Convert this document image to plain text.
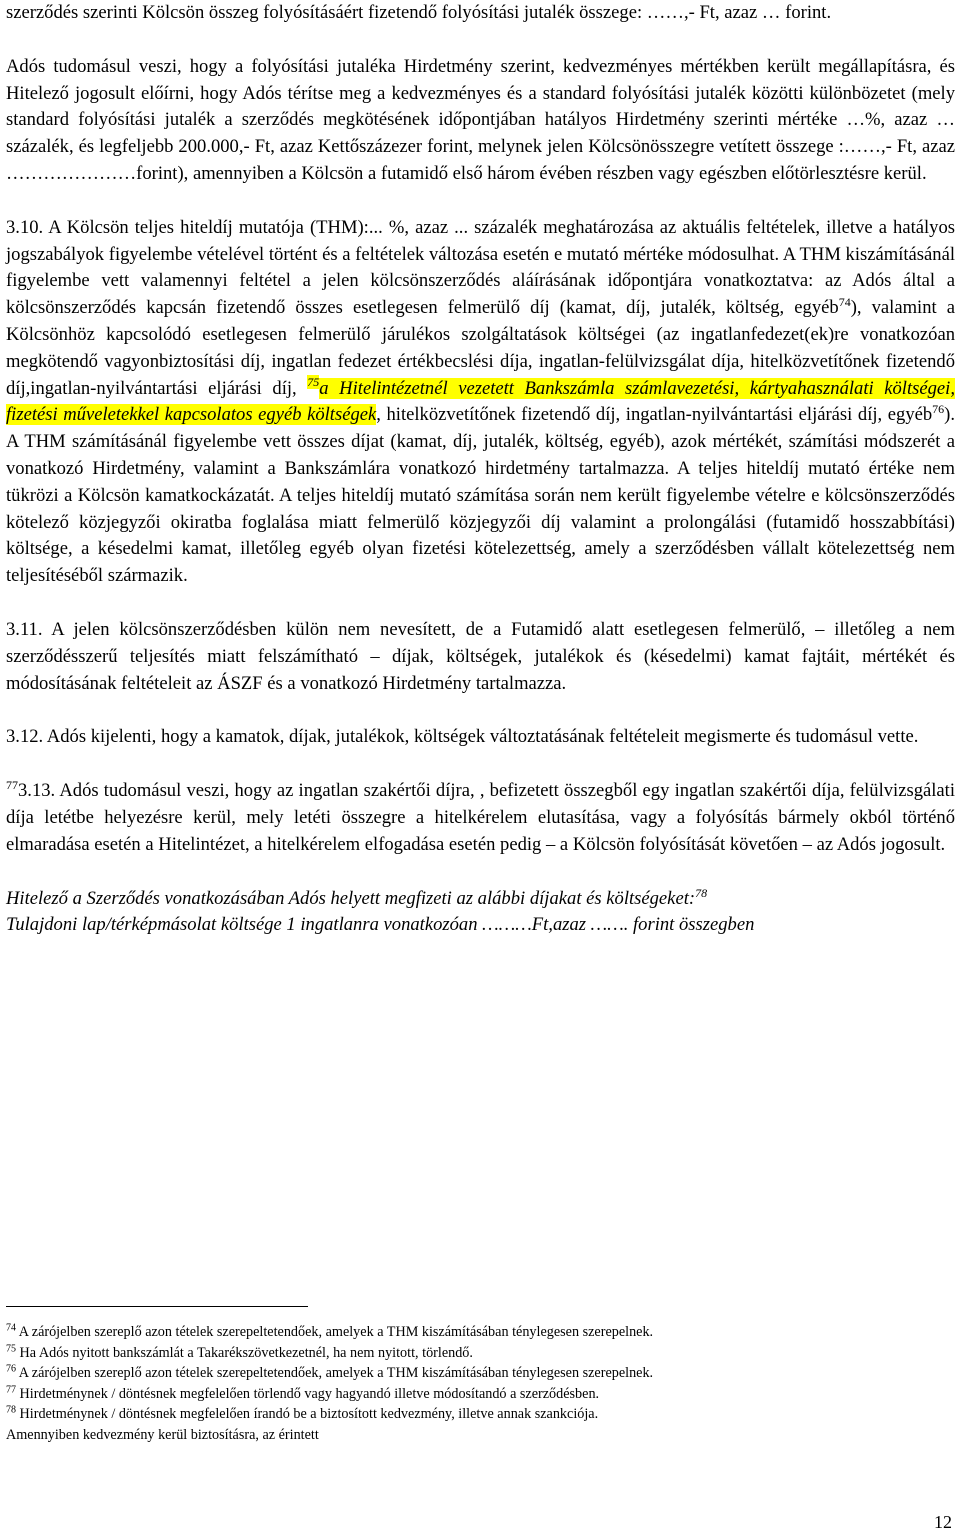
szerződés szerinti Kölcsön összeg folyósításáért fizetendő folyósítási jutalék összege: ……,- Ft, azaz … forint.

Adós tudomásul veszi, hogy a folyósítási jutaléka Hirdetmény szerint, kedvezményes mértékben került megállapításra, és Hitelező jogosult előírni, hogy Adós térítse meg a kedvezményes és a standard folyósítási jutalék közötti különbözetet (mely standard folyósítási jutalék a szerződés megkötésének időpontjában hatályos Hirdetmény szerinti mértéke …%, azaz … százalék, és legfeljebb 200.000,- Ft, azaz Kettőszázezer forint, melynek jelen Kölcsönösszegre vetített összege :……,- Ft, azaz …………………forint), amennyiben a Kölcsön a futamidő első három évében részben vagy egészben előtörlesztésre kerül.

3.10. A Kölcsön teljes hiteldíj mutatója (THM):... %, azaz ... százalék meghatározása az aktuális feltételek, illetve a hatályos jogszabályok figyelembe vételével történt és a feltételek változása esetén e mutató mértéke módosulhat. A THM kiszámításánál figyelembe vett valamennyi feltétel a jelen kölcsönszerződés aláírásának időpontjára vonatkoztatva: az Adós által a kölcsönszerződés kapcsán fizetendő összes esetlegesen felmerülő díj (kamat, díj, jutalék, költség, egyéb$^{74}$), valamint a Kölcsönhöz kapcsolódó esetlegesen felmerülő járulékos szolgáltatások költségei (az ingatlanfedezet(ek)re vonatkozóan megkötendő vagyonbiztosítási díj, ingatlan fedezet értékbecslési díja, ingatlan-felülvizsgálat díja, hitelközvetítőnek fizetendő díj,ingatlan-nyilvántartási eljárási díj, $^{75}$a Hitelintézetnél vezetett Bankszámla számlavezetési, kártyahasználati költségei, fizetési műveletekkel kapcsolatos egyéb költségek, hitelközvetítőnek fizetendő díj, ingatlan-nyilvántartási eljárási díj, egyéb$^{76}$). A THM számításánál figyelembe vett összes díjat (kamat, díj, jutalék, költség, egyéb), azok mértékét, számítási módszerét a vonatkozó Hirdetmény, valamint a Bankszámlára vonatkozó hirdetmény tartalmazza. A teljes hiteldíj mutató értéke nem tükrözi a Kölcsön kamatkockázatát. A teljes hiteldíj mutató számítása során nem került figyelembe vételre e kölcsönszerződés kötelező közjegyzői okiratba foglalása miatt felmerülő közjegyzői díj valamint a prolongálási (futamidő hosszabbítási) költsége, a késedelmi kamat, illetőleg egyéb olyan fizetési kötelezettség, amely a szerződésben vállalt kötelezettség nem teljesítéséből származik.

3.11. A jelen kölcsönszerződésben külön nem nevesített, de a Futamidő alatt esetlegesen felmerülő, – illetőleg a nem szerződésszerű teljesítés miatt felszámítható – díjak, költségek, jutalékok és (késedelmi) kamat fajtáit, mértékét és módosításának feltételeit az ÁSZF és a vonatkozó Hirdetmény tartalmazza.

3.12. Adós kijelenti, hogy a kamatok, díjak, jutalékok, költségek változtatásának feltételeit megismerte és tudomásul vette.

$^{77}$3.13. Adós tudomásul veszi, hogy az ingatlan szakértői díjra, , befizetett összegből egy ingatlan szakértői díja, felülvizsgálati díja letétbe helyezésre kerül, mely letéti összegre a hitelkérelem elutasítása, vagy a folyósítás bármely okból történő elmaradása esetén a Hitelintézet, a hitelkérelem elfogadása esetén pedig – a Kölcsön folyósítását követően – az Adós jogosult.

Hitelező a Szerződés vonatkozásában Adós helyett megfizeti az alábbi díjakat és költségeket:$^{78}$

Tulajdoni lap/térképmásolat költsége 1 ingatlanra vonatkozóan ………Ft,azaz ……. forint összegben

$^{74}$ A zárójelben szereplő azon tételek szerepeltetendőek, amelyek a THM kiszámításában ténylegesen szerepelnek.

$^{75}$ Ha Adós nyitott bankszámlát a Takarékszövetkezetnél, ha nem nyitott, törlendő.

$^{76}$ A zárójelben szereplő azon tételek szerepeltetendőek, amelyek a THM kiszámításában ténylegesen szerepelnek.

$^{77}$ Hirdetménynek / döntésnek megfelelően törlendő vagy hagyandó illetve módosítandó a szerződésben.

$^{78}$ Hirdetménynek / döntésnek megfelelően írandó be a biztosított kedvezmény, illetve annak szankciója.

Amennyiben kedvezmény kerül biztosításra, az érintett

12
